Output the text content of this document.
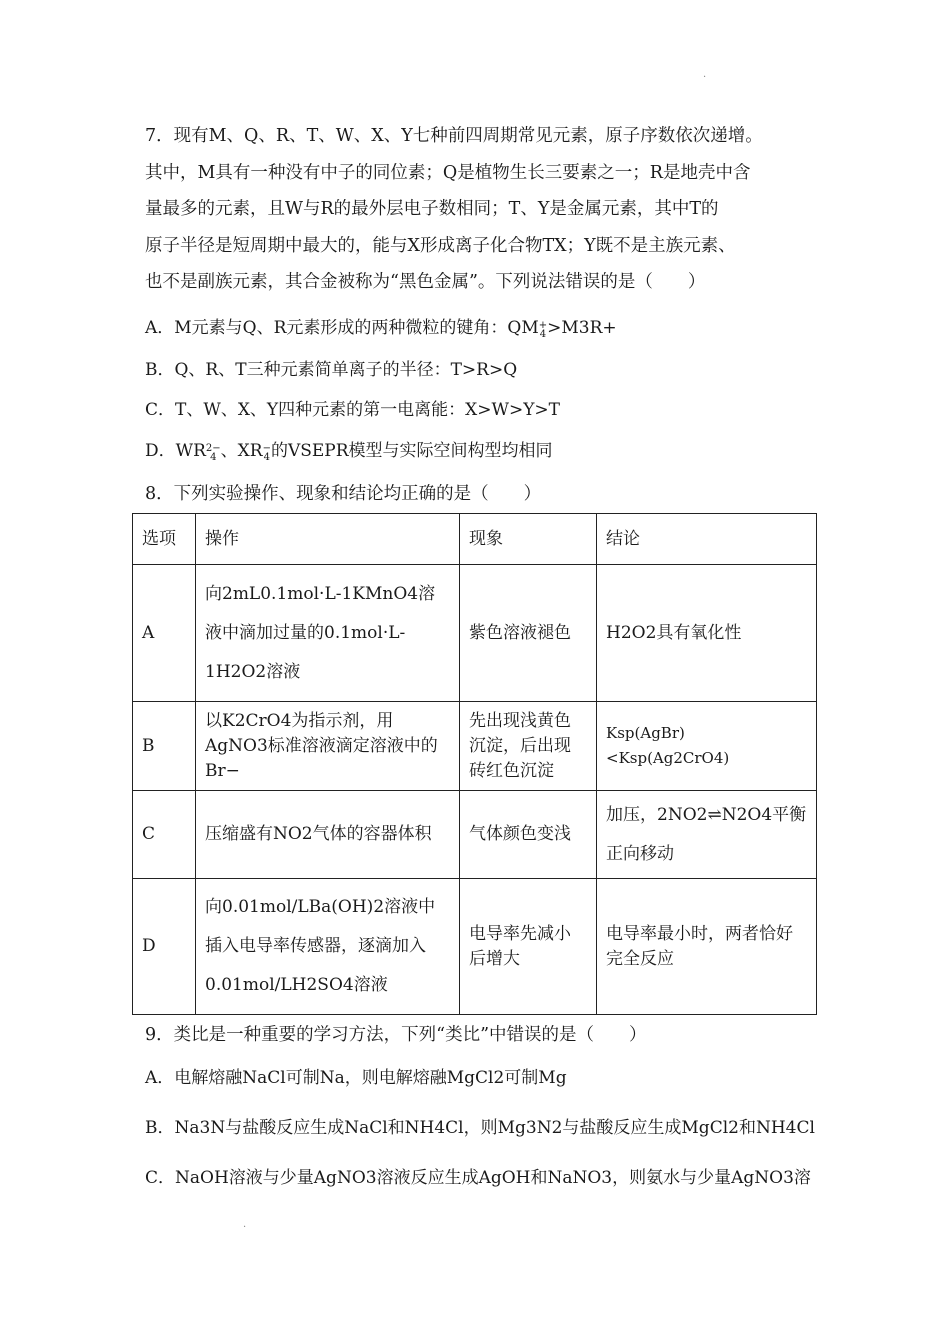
·

7．现有M、Q、R、T、W、X、Y七种前四周期常见元素，原子序数依次递增。

其中，M具有一种没有中子的同位素；Q是植物生长三要素之一；R是地壳中含

量最多的元素，且W与R的最外层电子数相同；T、Y是金属元素，其中T的

原子半径是短周期中最大的，能与X形成离子化合物TX；Y既不是主族元素、

也不是副族元素，其合金被称为“黑色金属”。下列说法错误的是（　　）

A．M元素与Q、R元素形成的两种微粒的键角：QM+
4>M3R+
B．Q、R、T三种元素简单离子的半径：T>R>Q
C．T、W、X、Y四种元素的第一电离能：X>W>Y>T
D．WR2−
4 、XR−
4的VSEPR模型与实际空间构型均相同
8．下列实验操作、现象和结论均正确的是（　　）
选项	操作	现象	结论
A	向2mL0.1mol·L-1KMnO4溶液中滴加过量的0.1mol·L-1H2O2溶液	紫色溶液褪色	H2O2具有氧化性
B	以K2CrO4为指示剂，用AgNO3标准溶液滴定溶液中的Br−	先出现浅黄色沉淀，后出现砖红色沉淀	Ksp(AgBr)<Ksp(Ag2CrO4)
C	压缩盛有NO2气体的容器体积	气体颜色变浅	加压，2NO2⇌N2O4平衡正向移动
D	向0.01mol/LBa(OH)2溶液中插入电导率传感器，逐滴加入0.01mol/LH2SO4溶液	电导率先减小后增大	电导率最小时，两者恰好完全反应
9．类比是一种重要的学习方法，下列“类比”中错误的是（　　）
A．电解熔融NaCl可制Na，则电解熔融MgCl2可制Mg
B．Na3N与盐酸反应生成NaCl和NH4Cl，则Mg3N2与盐酸反应生成MgCl2和NH4Cl
C．NaOH溶液与少量AgNO3溶液反应生成AgOH和NaNO3，则氨水与少量AgNO3溶
·
